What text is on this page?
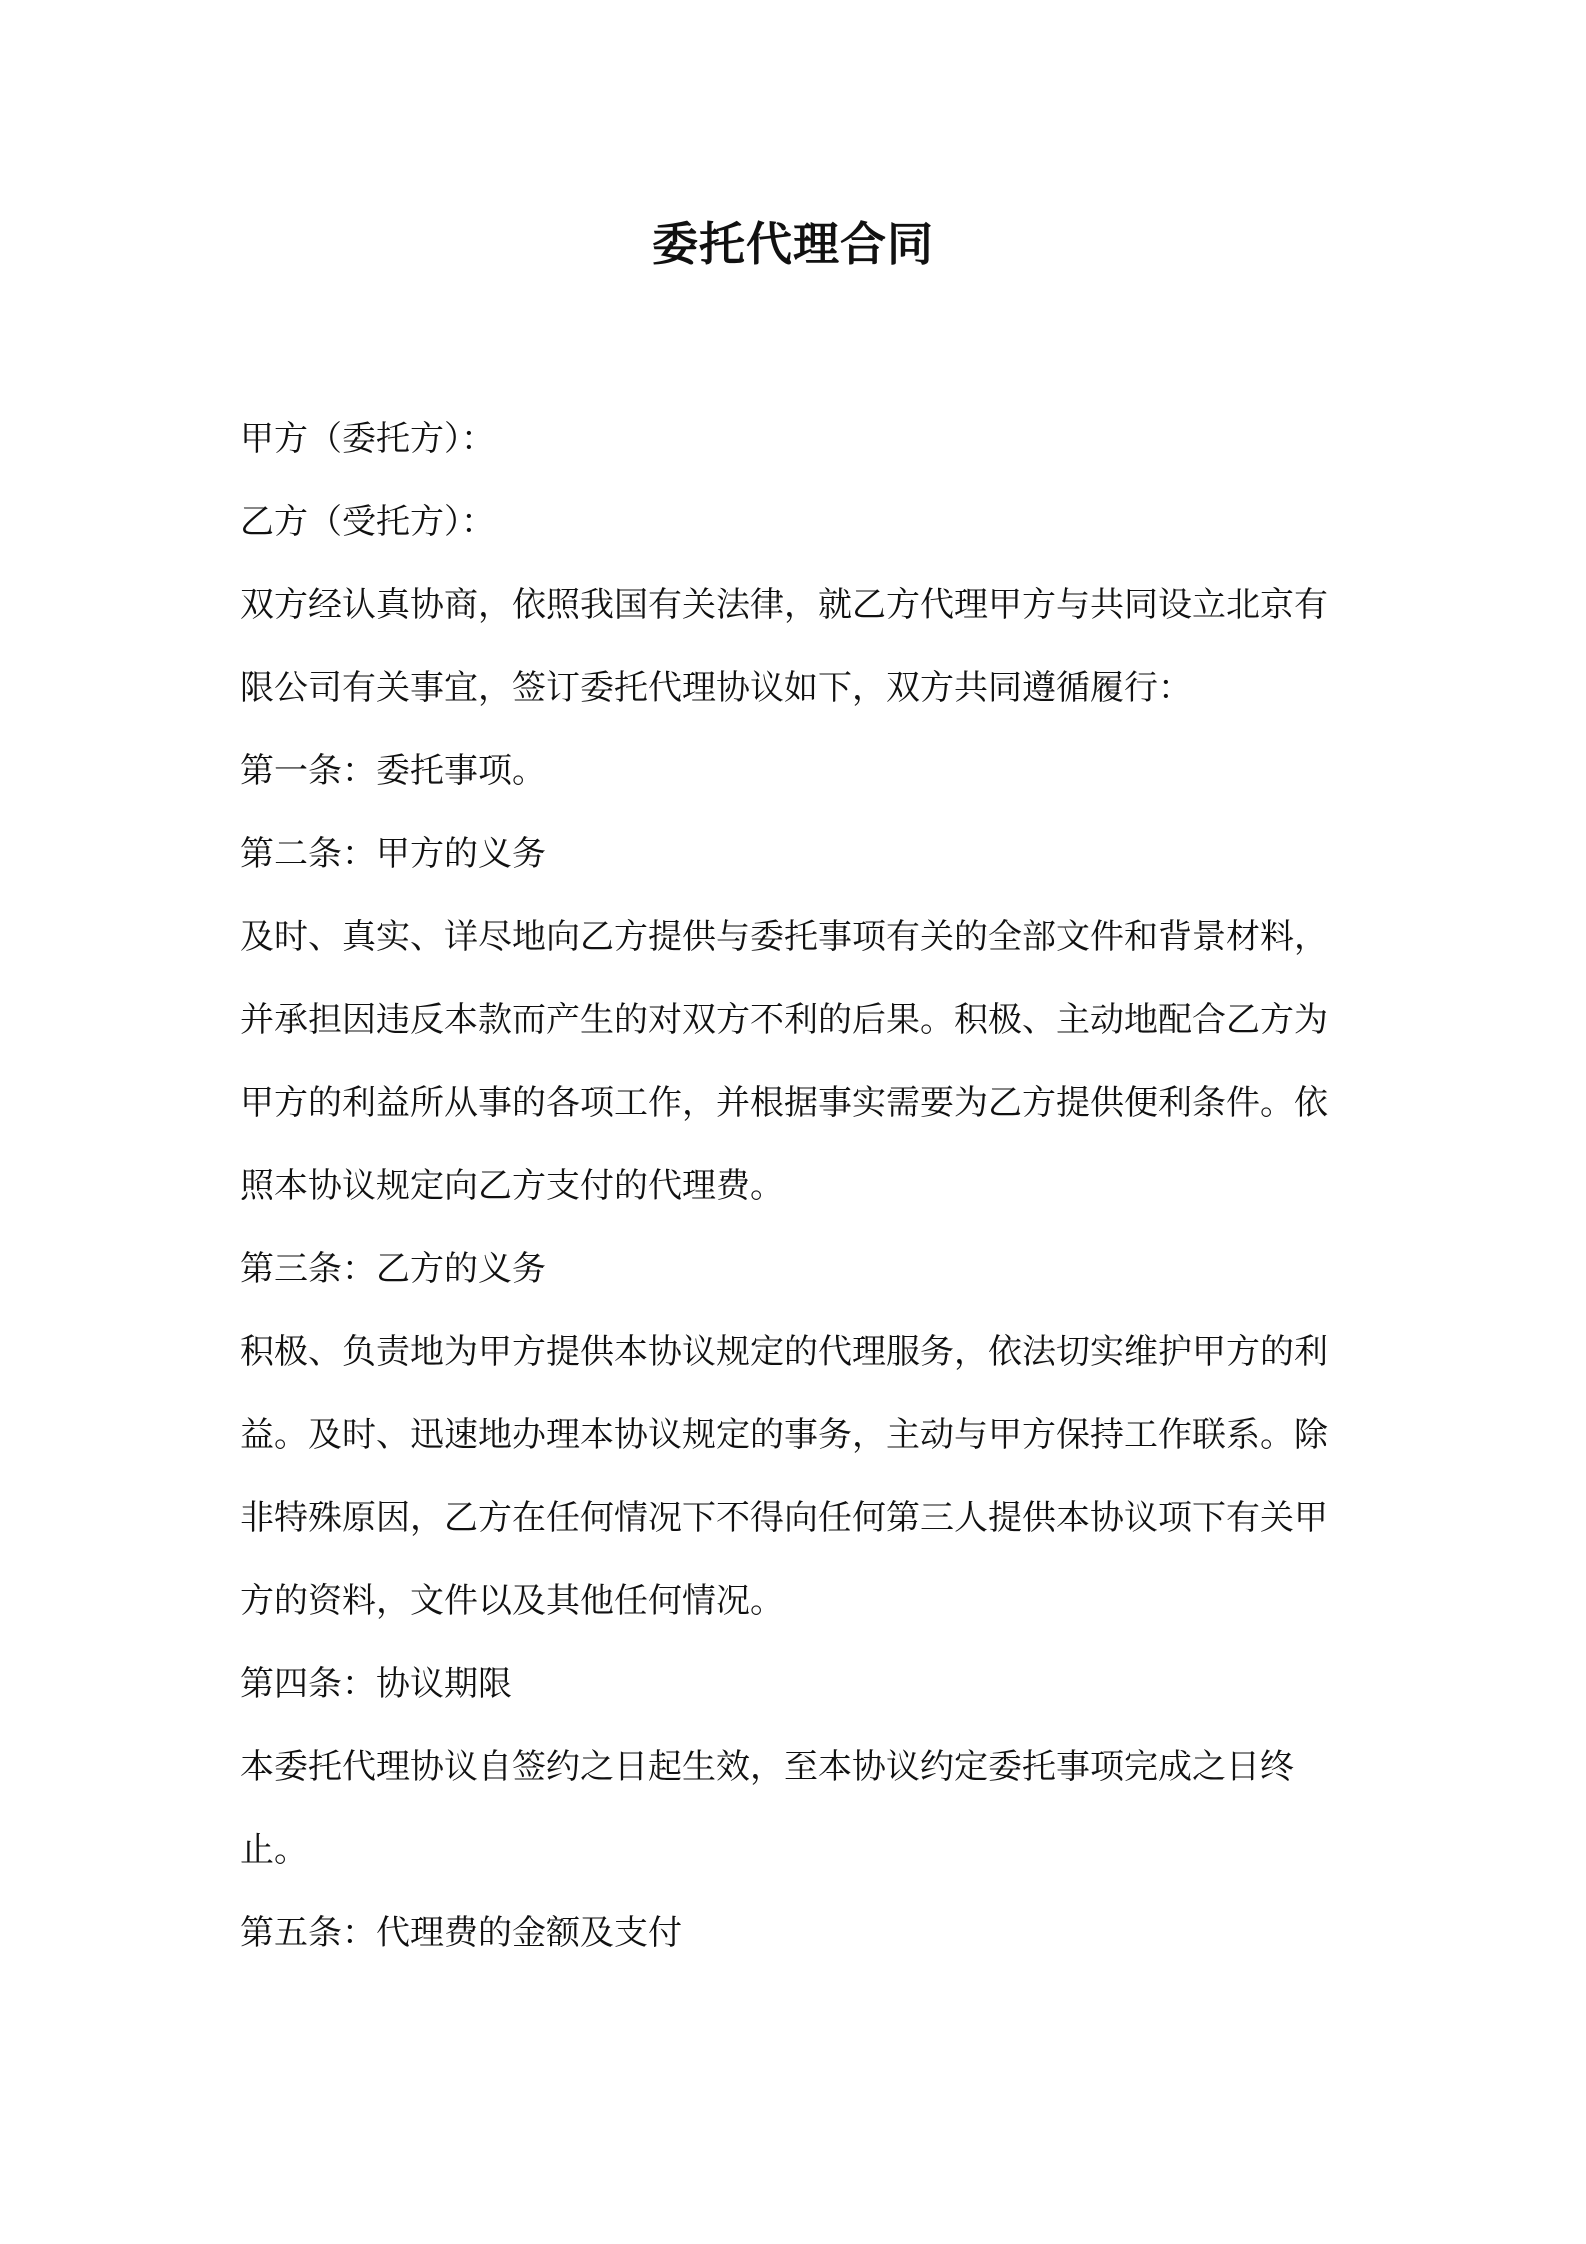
委托代理合同

甲方（委托方）：

乙方（受托方）：

双方经认真协商，依照我国有关法律，就乙方代理甲方与共同设立北京有限公司有关事宜，签订委托代理协议如下，双方共同遵循履行：

第一条：委托事项。

第二条：甲方的义务

及时、真实、详尽地向乙方提供与委托事项有关的全部文件和背景材料，并承担因违反本款而产生的对双方不利的后果。积极、主动地配合乙方为甲方的利益所从事的各项工作，并根据事实需要为乙方提供便利条件。依照本协议规定向乙方支付的代理费。

第三条：乙方的义务

积极、负责地为甲方提供本协议规定的代理服务，依法切实维护甲方的利益。及时、迅速地办理本协议规定的事务，主动与甲方保持工作联系。除非特殊原因，乙方在任何情况下不得向任何第三人提供本协议项下有关甲方的资料，文件以及其他任何情况。

第四条：协议期限

本委托代理协议自签约之日起生效，至本协议约定委托事项完成之日终止。

第五条：代理费的金额及支付
